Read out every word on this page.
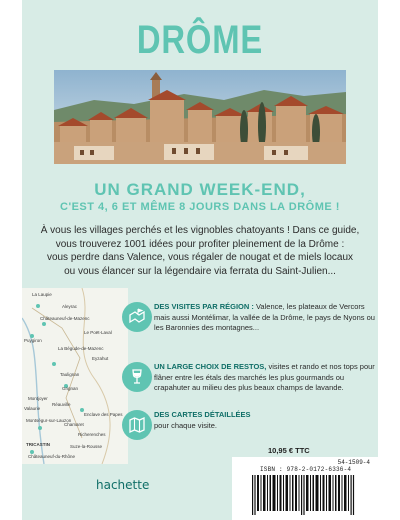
DRÔME
UN GRAND WEEK-END,
C'EST 4, 6 ET MÊME 8 JOURS DANS LA DRÔME !
À vous les villages perchés et les vignobles chatoyants ! Dans ce guide,
vous trouverez 1001 idées pour profiter pleinement de la Drôme :
vous perdre dans Valence, vous régaler de nougat et de miels locaux
ou vous élancer sur la légendaire via ferrata du Saint-Julien...
La Laupie
Châteauneuf-de-Mazenc
Aleyrac
Puygiron
Le Poët-Laval
La Bégude-de-Mazenc
Eyzahut
Taulignan
Grignan
Montjoyer
Valaurie
Réauville
Enclave des Papes
Chamaret
Montségur-sur-Lauzon
Richerenches
TRICASTIN	Suze-la-Rousse
Châteauneuf-du-Rhône
DES VISITES PAR RÉGION : Valence, les plateaux de Vercors mais aussi Montélimar, la vallée de la Drôme, le pays de Nyons ou les Baronnies des montagnes...
UN LARGE CHOIX DE RESTOS, visites et rando et nos tops pour flâner entre les étals des marchés les plus gourmands ou crapahuter au milieu des plus beaux champs de lavande.
DES CARTES DÉTAILLÉES
pour chaque visite.
hachette
10,95 € TTC
54-1509-4
ISBN : 978-2-0172-6336-4
